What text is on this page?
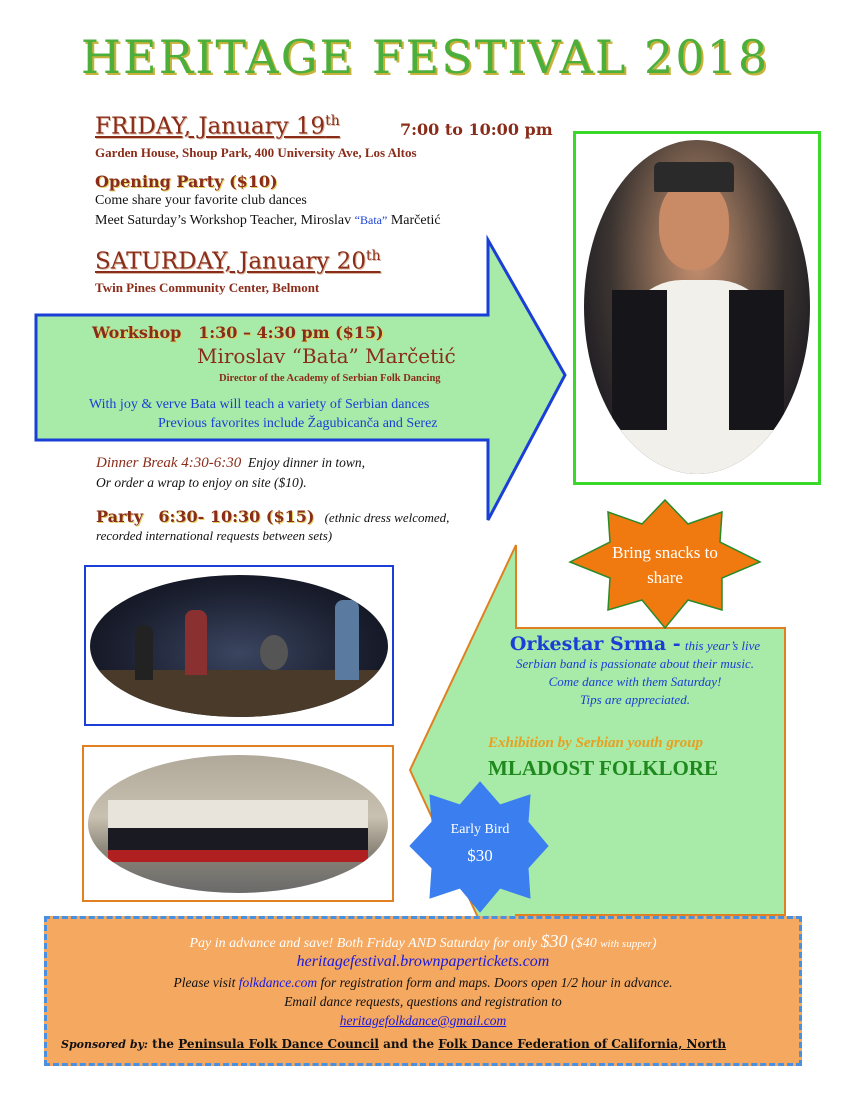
HERITAGE FESTIVAL 2018
FRIDAY, January 19th	7:00 to 10:00 pm
Garden House, Shoup Park, 400 University Ave, Los Altos
Opening Party ($10)
Come share your favorite club dances
Meet Saturday’s Workshop Teacher, Miroslav “Bata” Marčetić
SATURDAY, January 20th
Twin Pines Community Center, Belmont
Workshop 1:30 – 4:30 pm ($15)
Miroslav “Bata” Marčetić
Director of the Academy of Serbian Folk Dancing
With joy & verve Bata will teach a variety of Serbian dances
Previous favorites include Žagubicanča and Serez
Dinner Break 4:30-6:30 Enjoy dinner in town,
Or order a wrap to enjoy on site ($10).
Party 6:30- 10:30 ($15) (ethnic dress welcomed,
recorded international requests between sets)
Bring snacks to
share
Orkestar Srma - this year’s live
Serbian band is passionate about their music.
Come dance with them Saturday!
Tips are appreciated.
Exhibition by Serbian youth group
MLADOST FOLKLORE
Early Bird
$30
Pay in advance and save! Both Friday AND Saturday for only $30 ($40 with supper)
heritagefestival.brownpapertickets.com
Please visit folkdance.com for registration form and maps. Doors open 1/2 hour in advance.
Email dance requests, questions and registration to
heritagefolkdance@gmail.com
Sponsored by: the Peninsula Folk Dance Council and the Folk Dance Federation of California, North
